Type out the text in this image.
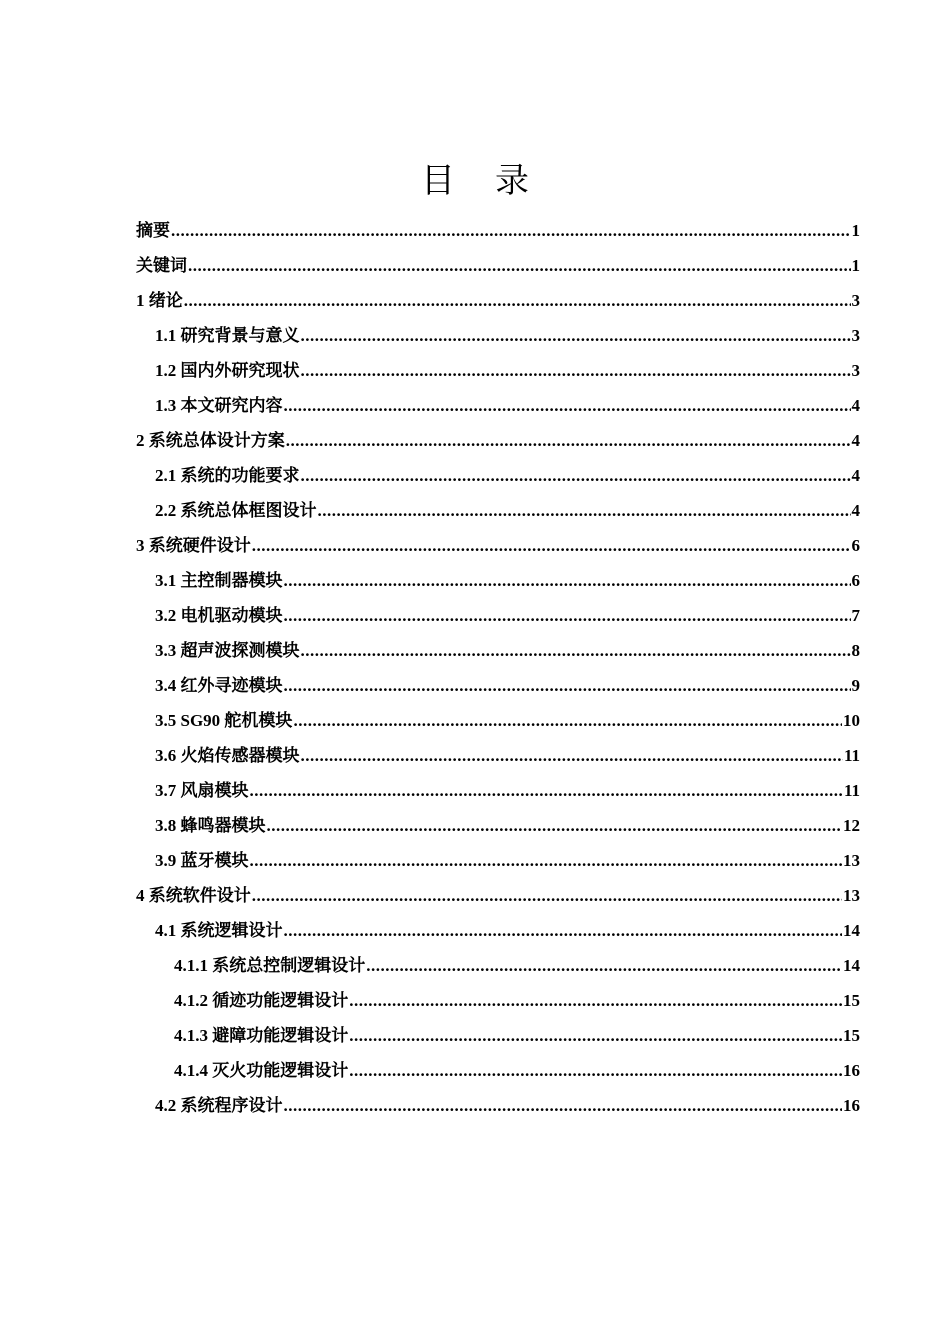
目 录
摘要 .....	1
关键词 .....	1
1 绪论 .....	3
1.1 研究背景与意义 .....	3
1.2 国内外研究现状 .....	3
1.3 本文研究内容 .....	4
2 系统总体设计方案 .....	4
2.1 系统的功能要求 .....	4
2.2 系统总体框图设计 .....	4
3 系统硬件设计 .....	6
3.1 主控制器模块 .....	6
3.2 电机驱动模块 .....	7
3.3 超声波探测模块 .....	8
3.4 红外寻迹模块 .....	9
3.5 SG90 舵机模块 .....	10
3.6 火焰传感器模块 .....	11
3.7 风扇模块 .....	11
3.8 蜂鸣器模块 .....	12
3.9 蓝牙模块 .....	13
4 系统软件设计 .....	13
4.1 系统逻辑设计 .....	14
4.1.1 系统总控制逻辑设计 .....	14
4.1.2 循迹功能逻辑设计 .....	15
4.1.3 避障功能逻辑设计 .....	15
4.1.4 灭火功能逻辑设计 .....	16
4.2 系统程序设计 .....	16
